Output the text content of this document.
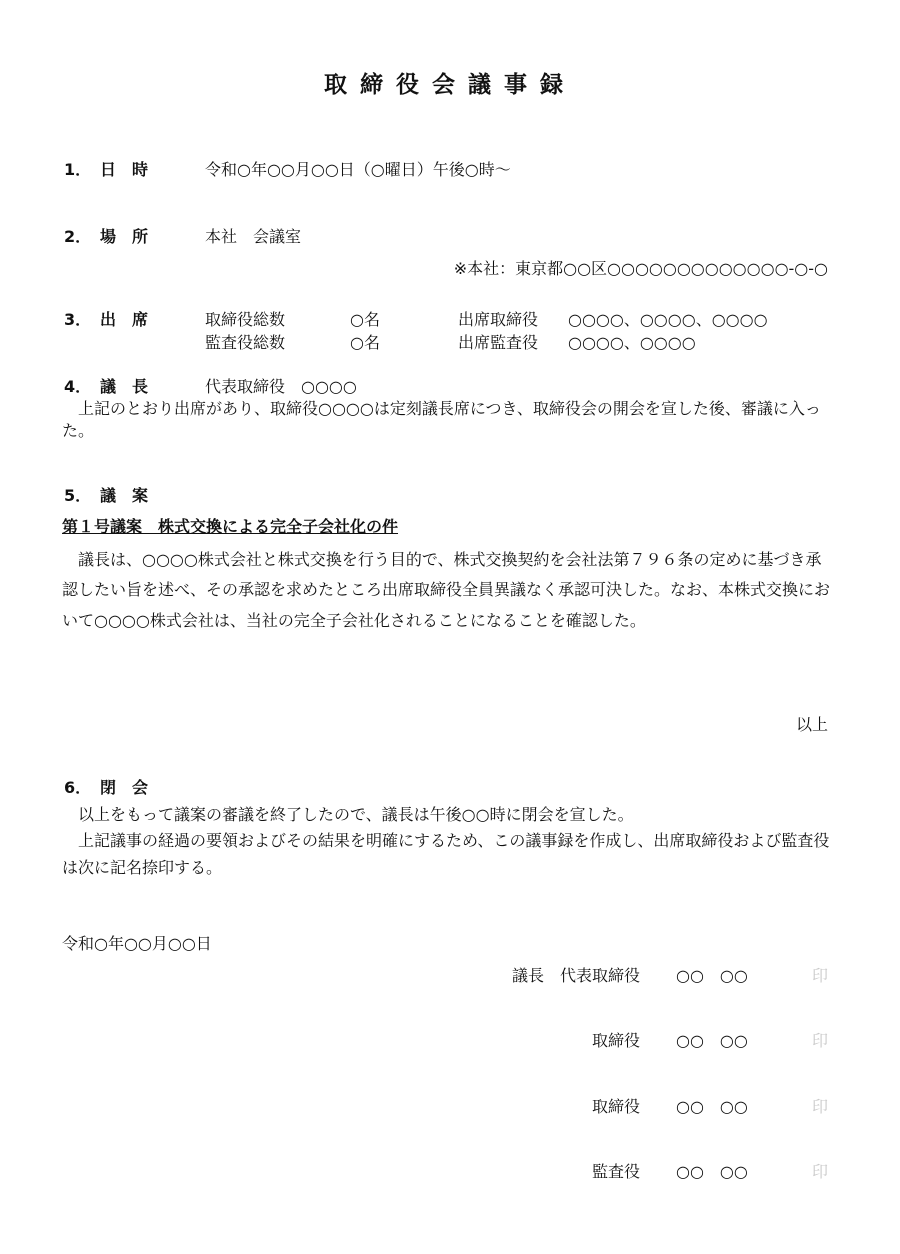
取締役会議事録
1． 日　時	令和○年○○月○○日（○曜日）午後○時～
2． 場　所	本社　会議室
※本社：東京都○○区○○○○○○○○○○○○○-○-○
3． 出　席	取締役総数	○名	出席取締役 ○○○○、○○○○、○○○○
監査役総数	○名	出席監査役 ○○○○、○○○○
4． 議　長	代表取締役　○○○○

上記のとおり出席があり、取締役○○○○は定刻議長席につき、取締役会の開会を宣した後、審議に入った。

5． 議　案
第１号議案　株式交換による完全子会社化の件

議長は、○○○○株式会社と株式交換を行う目的で、株式交換契約を会社法第７９６条の定めに基づき承認したい旨を述べ、その承認を求めたところ出席取締役全員異議なく承認可決した。なお、本株式交換において○○○○株式会社は、当社の完全子会社化されることになることを確認した。

以上
6． 閉　会

以上をもって議案の審議を終了したので、議長は午後○○時に閉会を宣した。

上記議事の経過の要領およびその結果を明確にするため、この議事録を作成し、出席取締役および監査役は次に記名捺印する。

令和○年○○月○○日
議長　代表取締役 ○○　○○	印
取締役 ○○　○○	印
取締役 ○○　○○	印
監査役 ○○　○○	印
